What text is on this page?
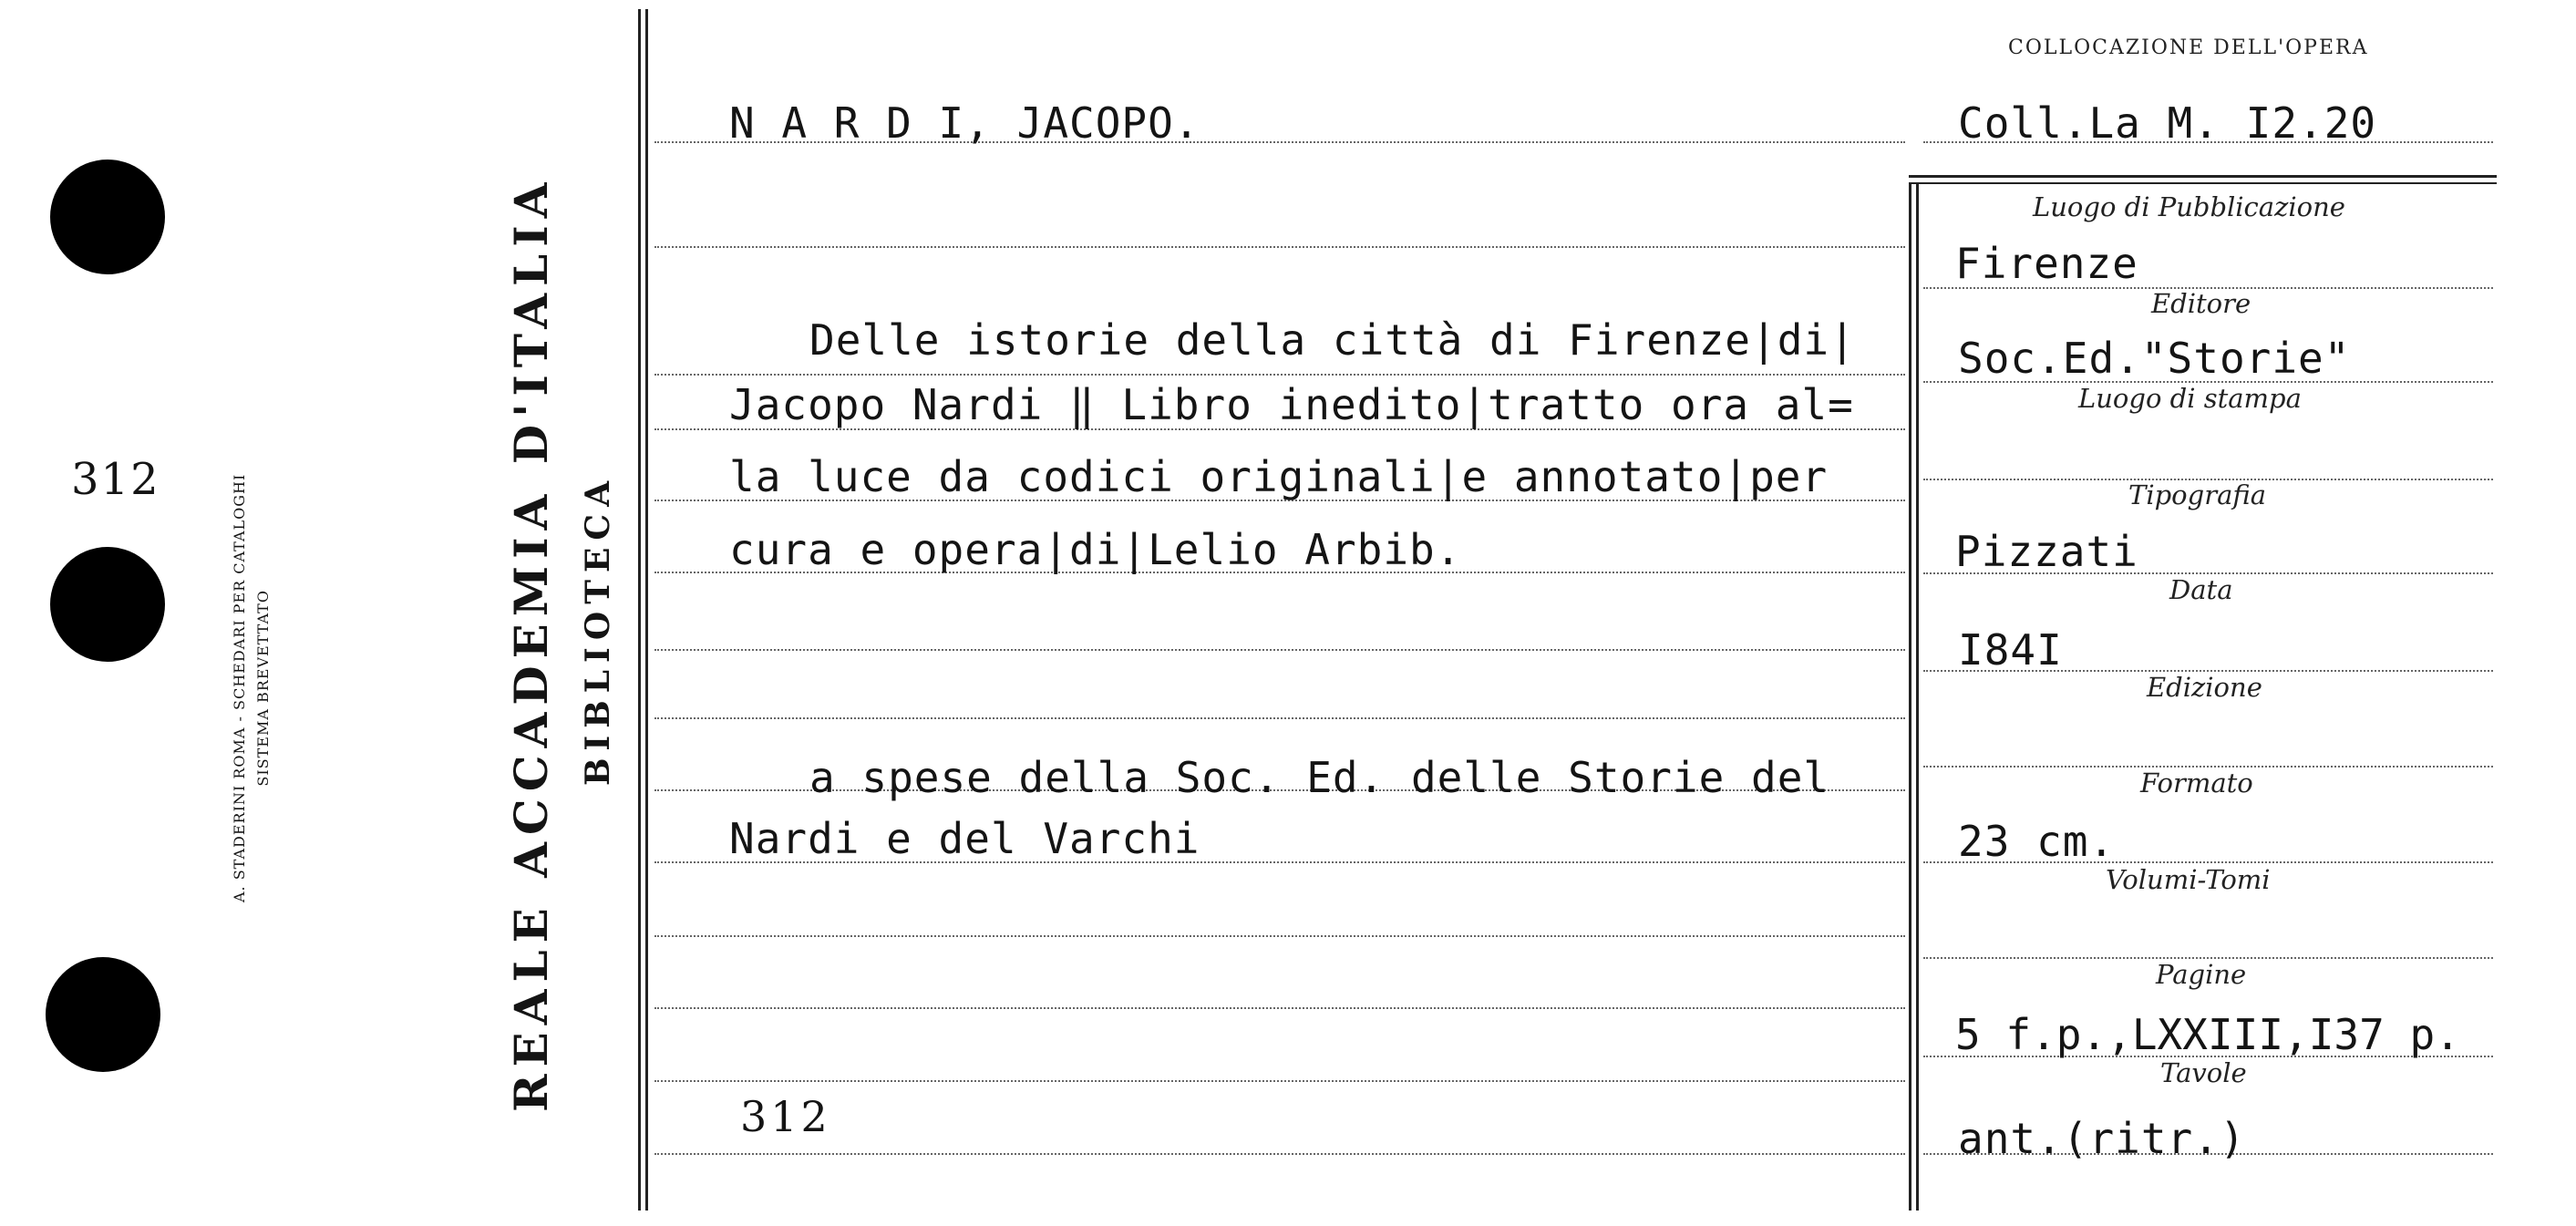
312	A. STADERINI ROMA - SCHEDARI PER CATALOGHI SISTEMA BREVETTATO	REALE ACCADEMIA D'ITALIA BIBLIOTECA
N A R D I, JACOPO.
Delle istorie della città di Firenze|di|
Jacopo Nardi ‖ Libro inedito|tratto ora al=
la luce da codici originali|e annotato|per
cura e opera|di|Lelio Arbib.
a spese della Soc. Ed. delle Storie del
Nardi e del Varchi
312
COLLOCAZIONE DELL'OPERA
Coll.La M. I2.20
Luogo di Pubblicazione
Firenze
Editore
Soc.Ed."Storie"
Luogo di stampa
Tipografia
Pizzati
Data
I84I
Edizione
Formato
23 cm.
Volumi-Tomi
Pagine
5 f.p.,LXXIII,I37 p.
Tavole
ant.(ritr.)
